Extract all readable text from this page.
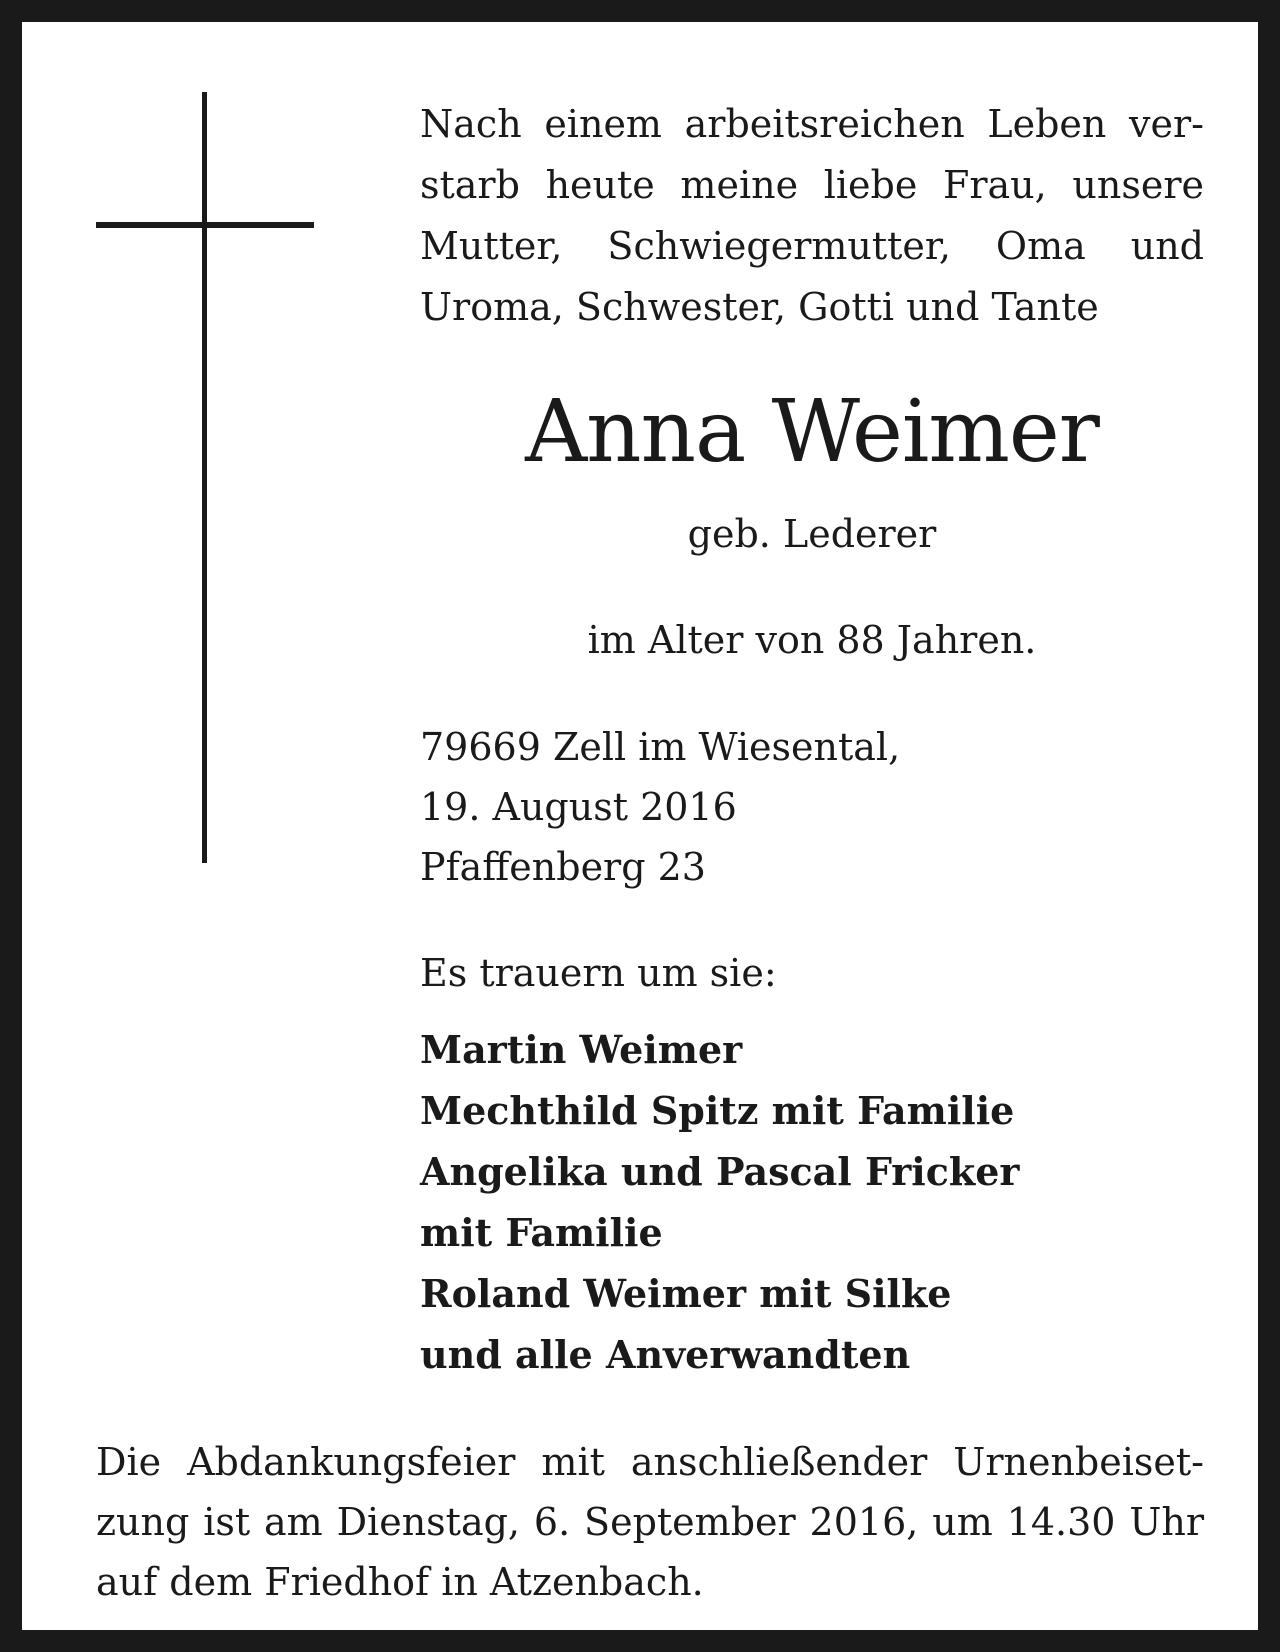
Nach einem arbeitsreichen Leben ver-
starb heute meine liebe Frau, unsere
Mutter, Schwiegermutter, Oma und
Uroma, Schwester, Gotti und Tante

Anna Weimer

geb. Lederer

im Alter von 88 Jahren.

79669 Zell im Wiesental,
19. August 2016
Pfaffenberg 23

Es trauern um sie:

Martin Weimer
Mechthild Spitz mit Familie
Angelika und Pascal Fricker
mit Familie
Roland Weimer mit Silke
und alle Anverwandten

Die Abdankungsfeier mit anschließender Urnenbeiset-
zung ist am Dienstag, 6. September 2016, um 14.30 Uhr
auf dem Friedhof in Atzenbach.
